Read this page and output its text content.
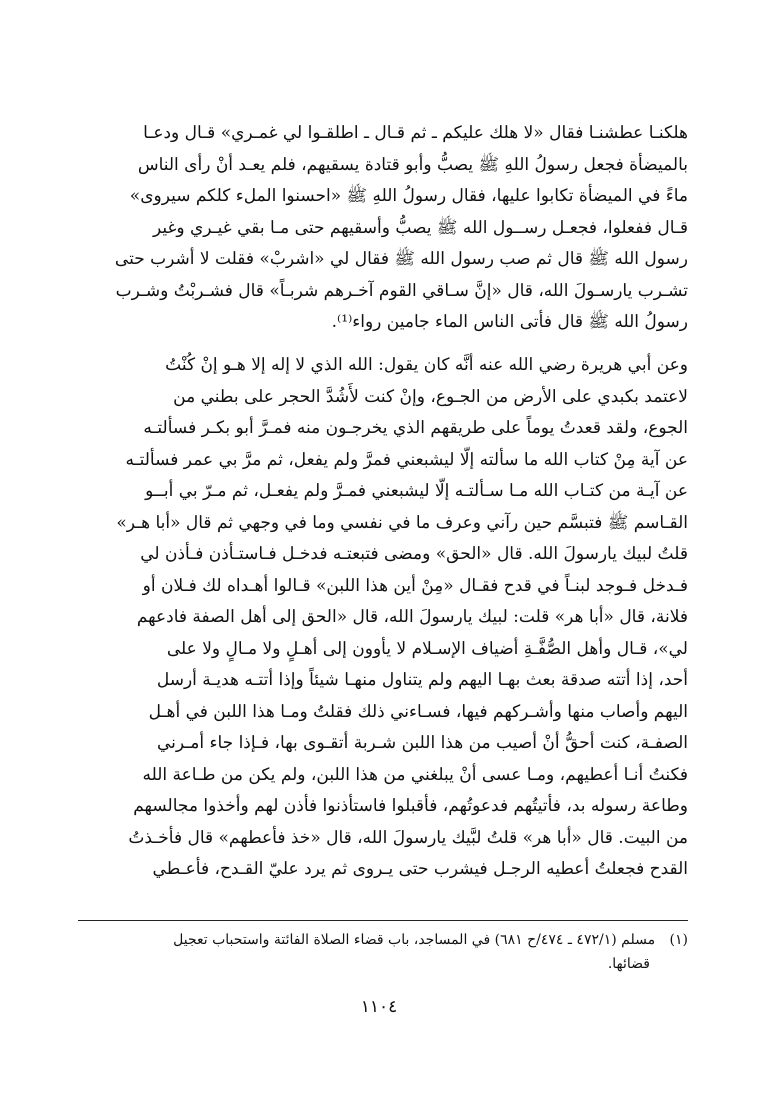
هلكنـا عطشنـا فقال «لا هلك عليكم ـ ثم قـال ـ اطلقـوا لي غمـري» قـال ودعـا
بالميضأة فجعل رسولُ اللهِ ﷺ يصبُّ وأبو قتادة يسقيهم، فلم يعـد أنْ رأى الناس
ماءً في الميضأة تكابوا عليها، فقال رسولُ اللهِ ﷺ «احسنوا الملء كلكم سيروى»
قـال ففعلوا، فجعـل رســول الله ﷺ يصبُّ وأسقيهم حتى مـا بقي غيـري وغير
رسول الله ﷺ قال ثم صب رسول الله ﷺ فقال لي «اشربْ» فقلت لا أشرب حتى
تشـرب يارسـولَ الله، قال «إنَّ سـاقي القوم آخـرهم شربـاً» قال فشـربْتُ وشـرب
رسولُ الله ﷺ قال فأتى الناس الماء جامين رواء⁽¹⁾.
وعن أبي هريرة رضي الله عنه أنَّه كان يقول: الله الذي لا إله إلا هـو إنْ كُنْتُ
لاعتمد بكبدي على الأرض من الجـوع، وإنْ كنت لأَشُدَّ الحجر على بطني من
الجوع، ولقد قعدتُ يوماً على طريقهم الذي يخرجـون منه فمـرَّ أبو بكـر فسألتـه
عن آية مِنْ كتاب الله ما سألته إلّا ليشبعني فمرَّ ولم يفعل، ثم مرَّ بي عمر فسألتـه
عن آيـة من كتـاب الله مـا سـألتـه إلّا ليشبعني فمـرَّ ولم يفعـل، ثم مـرّ بي أبــو
القـاسم ﷺ فتبسَّم حين رآني وعرف ما في نفسي وما في وجهي ثم قال «أبا هـر»
قلتُ لبيك يارسولَ الله. قال «الحق» ومضى فتبعتـه فدخـل فـاستـأذن فـأذن لي
فـدخل فـوجد لبنـاً في قدح فقـال «مِنْ أين هذا اللبن» قـالوا أهـداه لك فـلان أو
فلانة، قال «أبا هر» قلت: لبيك يارسولَ الله، قال «الحق إلى أهل الصفة فادعهم
لي»، قـال وأهل الصُّفَّـةِ أضياف الإسـلام لا يأوون إلى أهـلٍ ولا مـالٍ ولا على
أحد، إذا أتته صدقة بعث بهـا اليهم ولم يتناول منهـا شيئاً وإذا أتتـه هديـة أرسل
اليهم وأصاب منها وأشـركهم فيها، فسـاءني ذلك فقلتُ ومـا هذا اللبن في أهـل
الصفـة، كنت أحقُّ أنْ أصيب من هذا اللبن شـربة أتقـوى بها، فـإذا جاء أمـرني
فكنتُ أنـا أعطيهم، ومـا عسى أنْ يبلغني من هذا اللبن، ولم يكن من طـاعة الله
وطاعة رسوله بد، فأتيتُهم فدعوتُهم، فأقبلوا فاستأذنوا فأذن لهم وأخذوا مجالسهم
من البيت. قال «أبا هر» قلتُ لبَّيك يارسولَ الله، قال «خذ فأعطهم» قال فأخـذتُ
القدح فجعلتُ أعطيه الرجـل فيشرب حتى يـروى ثم يرد عليّ القـدح، فأعـطي
(١) مسلم (٤٧٢/١ ـ ٤٧٤/ح ٦٨١) في المساجد، باب قضاء الصلاة الفائتة واستحباب تعجيل
قضائها.
١١٠٤
